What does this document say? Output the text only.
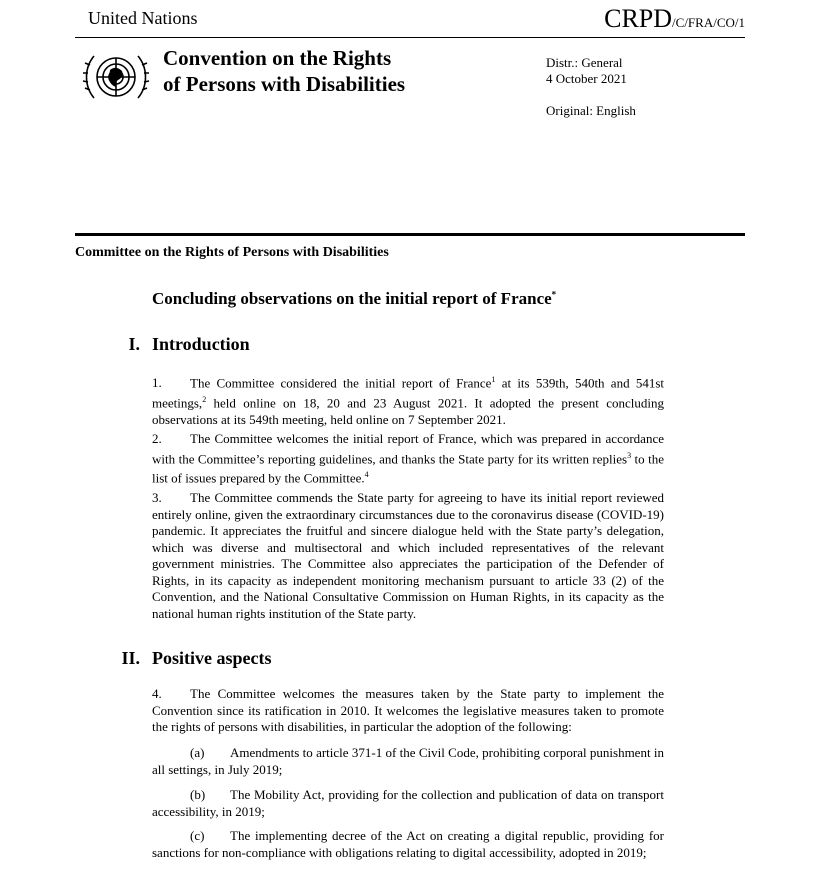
United Nations	CRPD/C/FRA/CO/1
Convention on the Rights
of Persons with Disabilities
Distr.: General
4 October 2021
Original: English
Committee on the Rights of Persons with Disabilities
Concluding observations on the initial report of France*
I. Introduction
1. The Committee considered the initial report of France$^1$ at its 539th, 540th and 541st meetings,$^2$ held online on 18, 20 and 23 August 2021. It adopted the present concluding observations at its 549th meeting, held online on 7 September 2021.
2. The Committee welcomes the initial report of France, which was prepared in accordance with the Committee’s reporting guidelines, and thanks the State party for its written replies$^3$ to the list of issues prepared by the Committee.$^4$
3. The Committee commends the State party for agreeing to have its initial report reviewed entirely online, given the extraordinary circumstances due to the coronavirus disease (COVID-19) pandemic. It appreciates the fruitful and sincere dialogue held with the State party’s delegation, which was diverse and multisectoral and which included representatives of the relevant government ministries. The Committee also appreciates the participation of the Defender of Rights, in its capacity as independent monitoring mechanism pursuant to article 33 (2) of the Convention, and the National Consultative Commission on Human Rights, in its capacity as the national human rights institution of the State party.
II. Positive aspects
4. The Committee welcomes the measures taken by the State party to implement the Convention since its ratification in 2010. It welcomes the legislative measures taken to promote the rights of persons with disabilities, in particular the adoption of the following:
(a) Amendments to article 371-1 of the Civil Code, prohibiting corporal punishment in all settings, in July 2019;
(b) The Mobility Act, providing for the collection and publication of data on transport accessibility, in 2019;
(c) The implementing decree of the Act on creating a digital republic, providing for sanctions for non-compliance with obligations relating to digital accessibility, adopted in 2019;
